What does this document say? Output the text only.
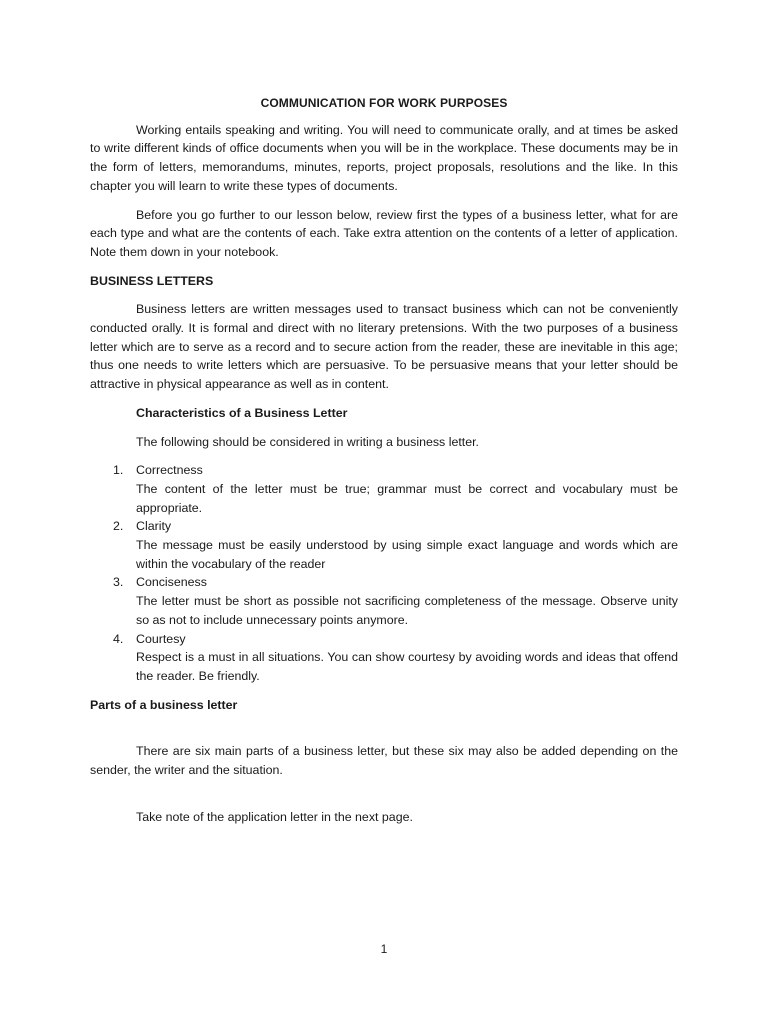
COMMUNICATION FOR WORK PURPOSES

Working entails speaking and writing. You will need to communicate orally, and at times be asked to write different kinds of office documents when you will be in the workplace. These documents may be in the form of letters, memorandums, minutes, reports, project proposals, resolutions and the like. In this chapter you will learn to write these types of documents.

Before you go further to our lesson below, review first the types of a business letter, what for are each type and what are the contents of each. Take extra attention on the contents of a letter of application. Note them down in your notebook.

BUSINESS LETTERS

Business letters are written messages used to transact business which can not be conveniently conducted orally. It is formal and direct with no literary pretensions. With the two purposes of a business letter which are to serve as a record and to secure action from the reader, these are inevitable in this age; thus one needs to write letters which are persuasive. To be persuasive means that your letter should be attractive in physical appearance as well as in content.

Characteristics of a Business Letter

The following should be considered in writing a business letter.

1. Correctness
The content of the letter must be true; grammar must be correct and vocabulary must be appropriate.
2. Clarity
The message must be easily understood by using simple exact language and words which are within the vocabulary of the reader
3. Conciseness
The letter must be short as possible not sacrificing completeness of the message. Observe unity so as not to include unnecessary points anymore.
4. Courtesy
Respect is a must in all situations. You can show courtesy by avoiding words and ideas that offend the reader. Be friendly.

Parts of a business letter

There are six main parts of a business letter, but these six may also be added depending on the sender, the writer and the situation.

Take note of the application letter in the next page.

1
